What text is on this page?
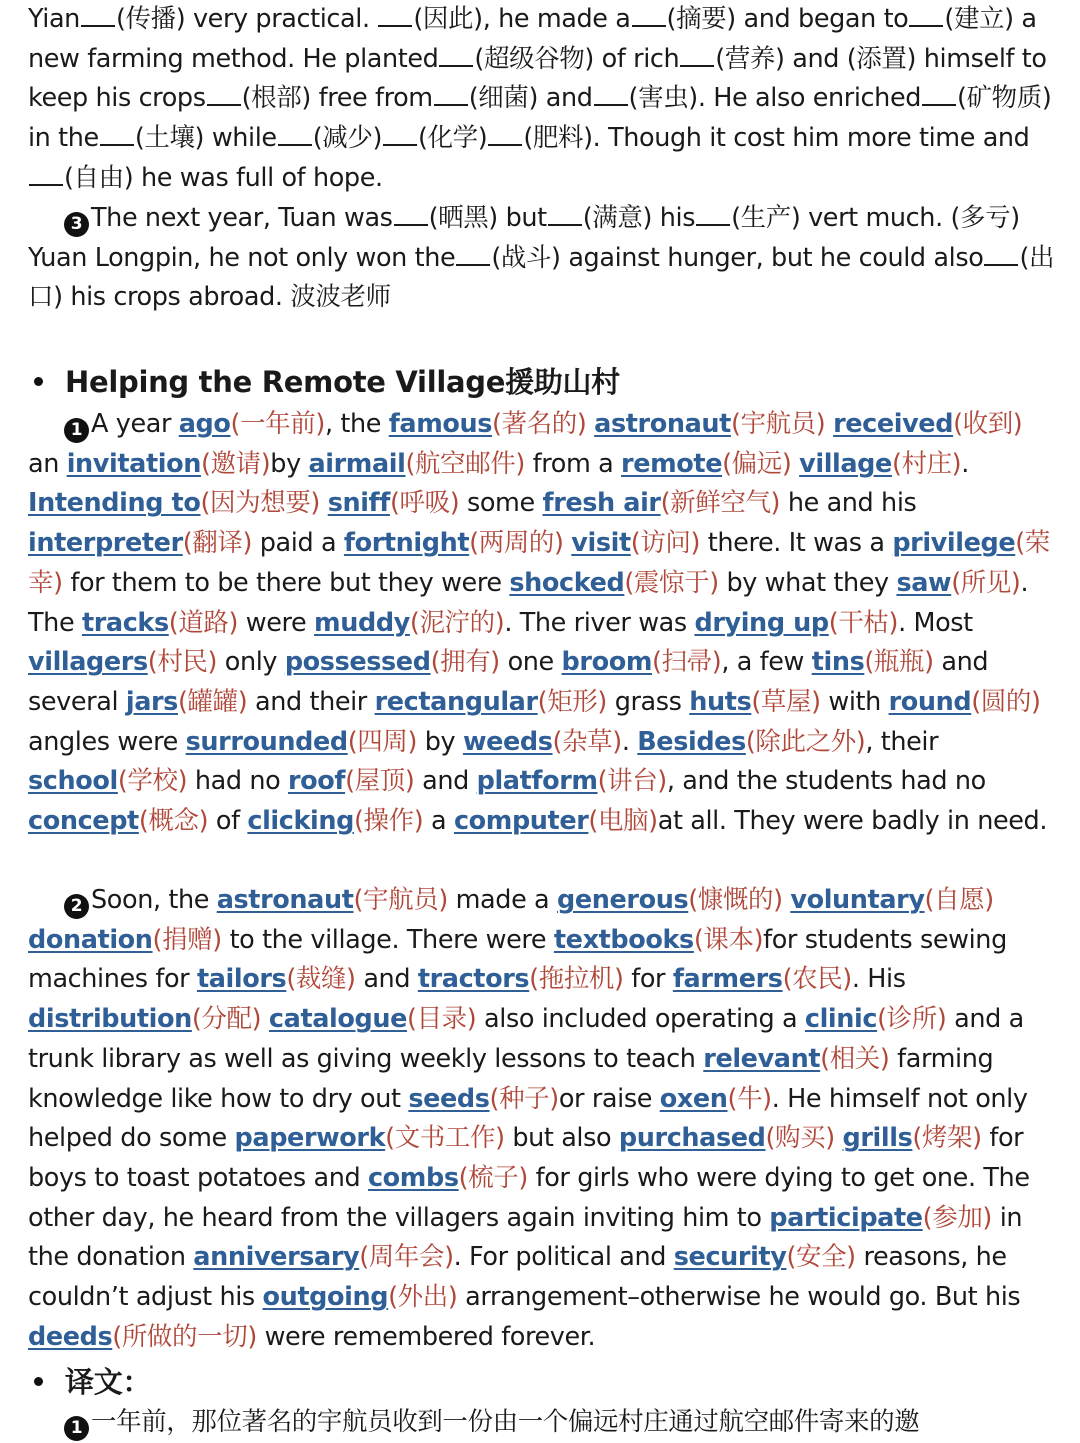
Yian (传播) very practical. (因此), he made a (摘要) and began to (建立) a new farming method. He planted (超级谷物) of rich (营养) and (添置) himself to keep his crops (根部) free from (细菌) and (害虫). He also enriched (矿物质) in the (土壤) while (减少) (化学) (肥料). Though it cost him more time and(自由) he was full of hope.
3 The next year, Tuan was (晒黑) but (满意) his (生产) vert much. (多亏) Yuan Longpin, he not only won the (战斗) against hunger, but he could also (出口) his crops abroad. 波波老师
Helping the Remote Village援助山村
1 A year ago(一年前), the famous(著名的) astronaut(宇航员) received(收到) an invitation(邀请)by airmail(航空邮件) from a remote(偏远) village(村庄). Intending to(因为想要) sniff(呼吸) some fresh air(新鲜空气) he and his interpreter(翻译) paid a fortnight(两周的) visit(访问) there. It was a privilege(荣幸) for them to be there but they were shocked(震惊于) by what they saw(所见). The tracks(道路) were muddy(泥泞的). The river was drying up(干枯). Most villagers(村民) only possessed(拥有) one broom(扫帚), a few tins(瓶瓶) and several jars(罐罐) and their rectangular(矩形) grass huts(草屋) with round(圆的) angles were surrounded(四周) by weeds(杂草). Besides(除此之外), their school(学校) had no roof(屋顶) and platform(讲台), and the students had no concept(概念) of clicking(操作) a computer(电脑)at all. They were badly in need.
2 Soon, the astronaut(宇航员) made a generous(慷慨的) voluntary(自愿) donation(捐赠) to the village. There were textbooks(课本)for students sewing machines for tailors(裁缝) and tractors(拖拉机) for farmers(农民). His distribution(分配) catalogue(目录) also included operating a clinic(诊所) and a trunk library as well as giving weekly lessons to teach relevant(相关) farming knowledge like how to dry out seeds(种子)or raise oxen(牛). He himself not only helped do some paperwork(文书工作) but also purchased(购买) grills(烤架) for boys to toast potatoes and combs(梳子) for girls who were dying to get one. The other day, he heard from the villagers again inviting him to participate(参加) in the donation anniversary(周年会). For political and security(安全) reasons, he couldn’t adjust his outgoing(外出) arrangement–otherwise he would go. But his deeds(所做的一切) were remembered forever.
译文：
1 一年前，那位著名的宇航员收到一份由一个偏远村庄通过航空邮件寄来的邀
